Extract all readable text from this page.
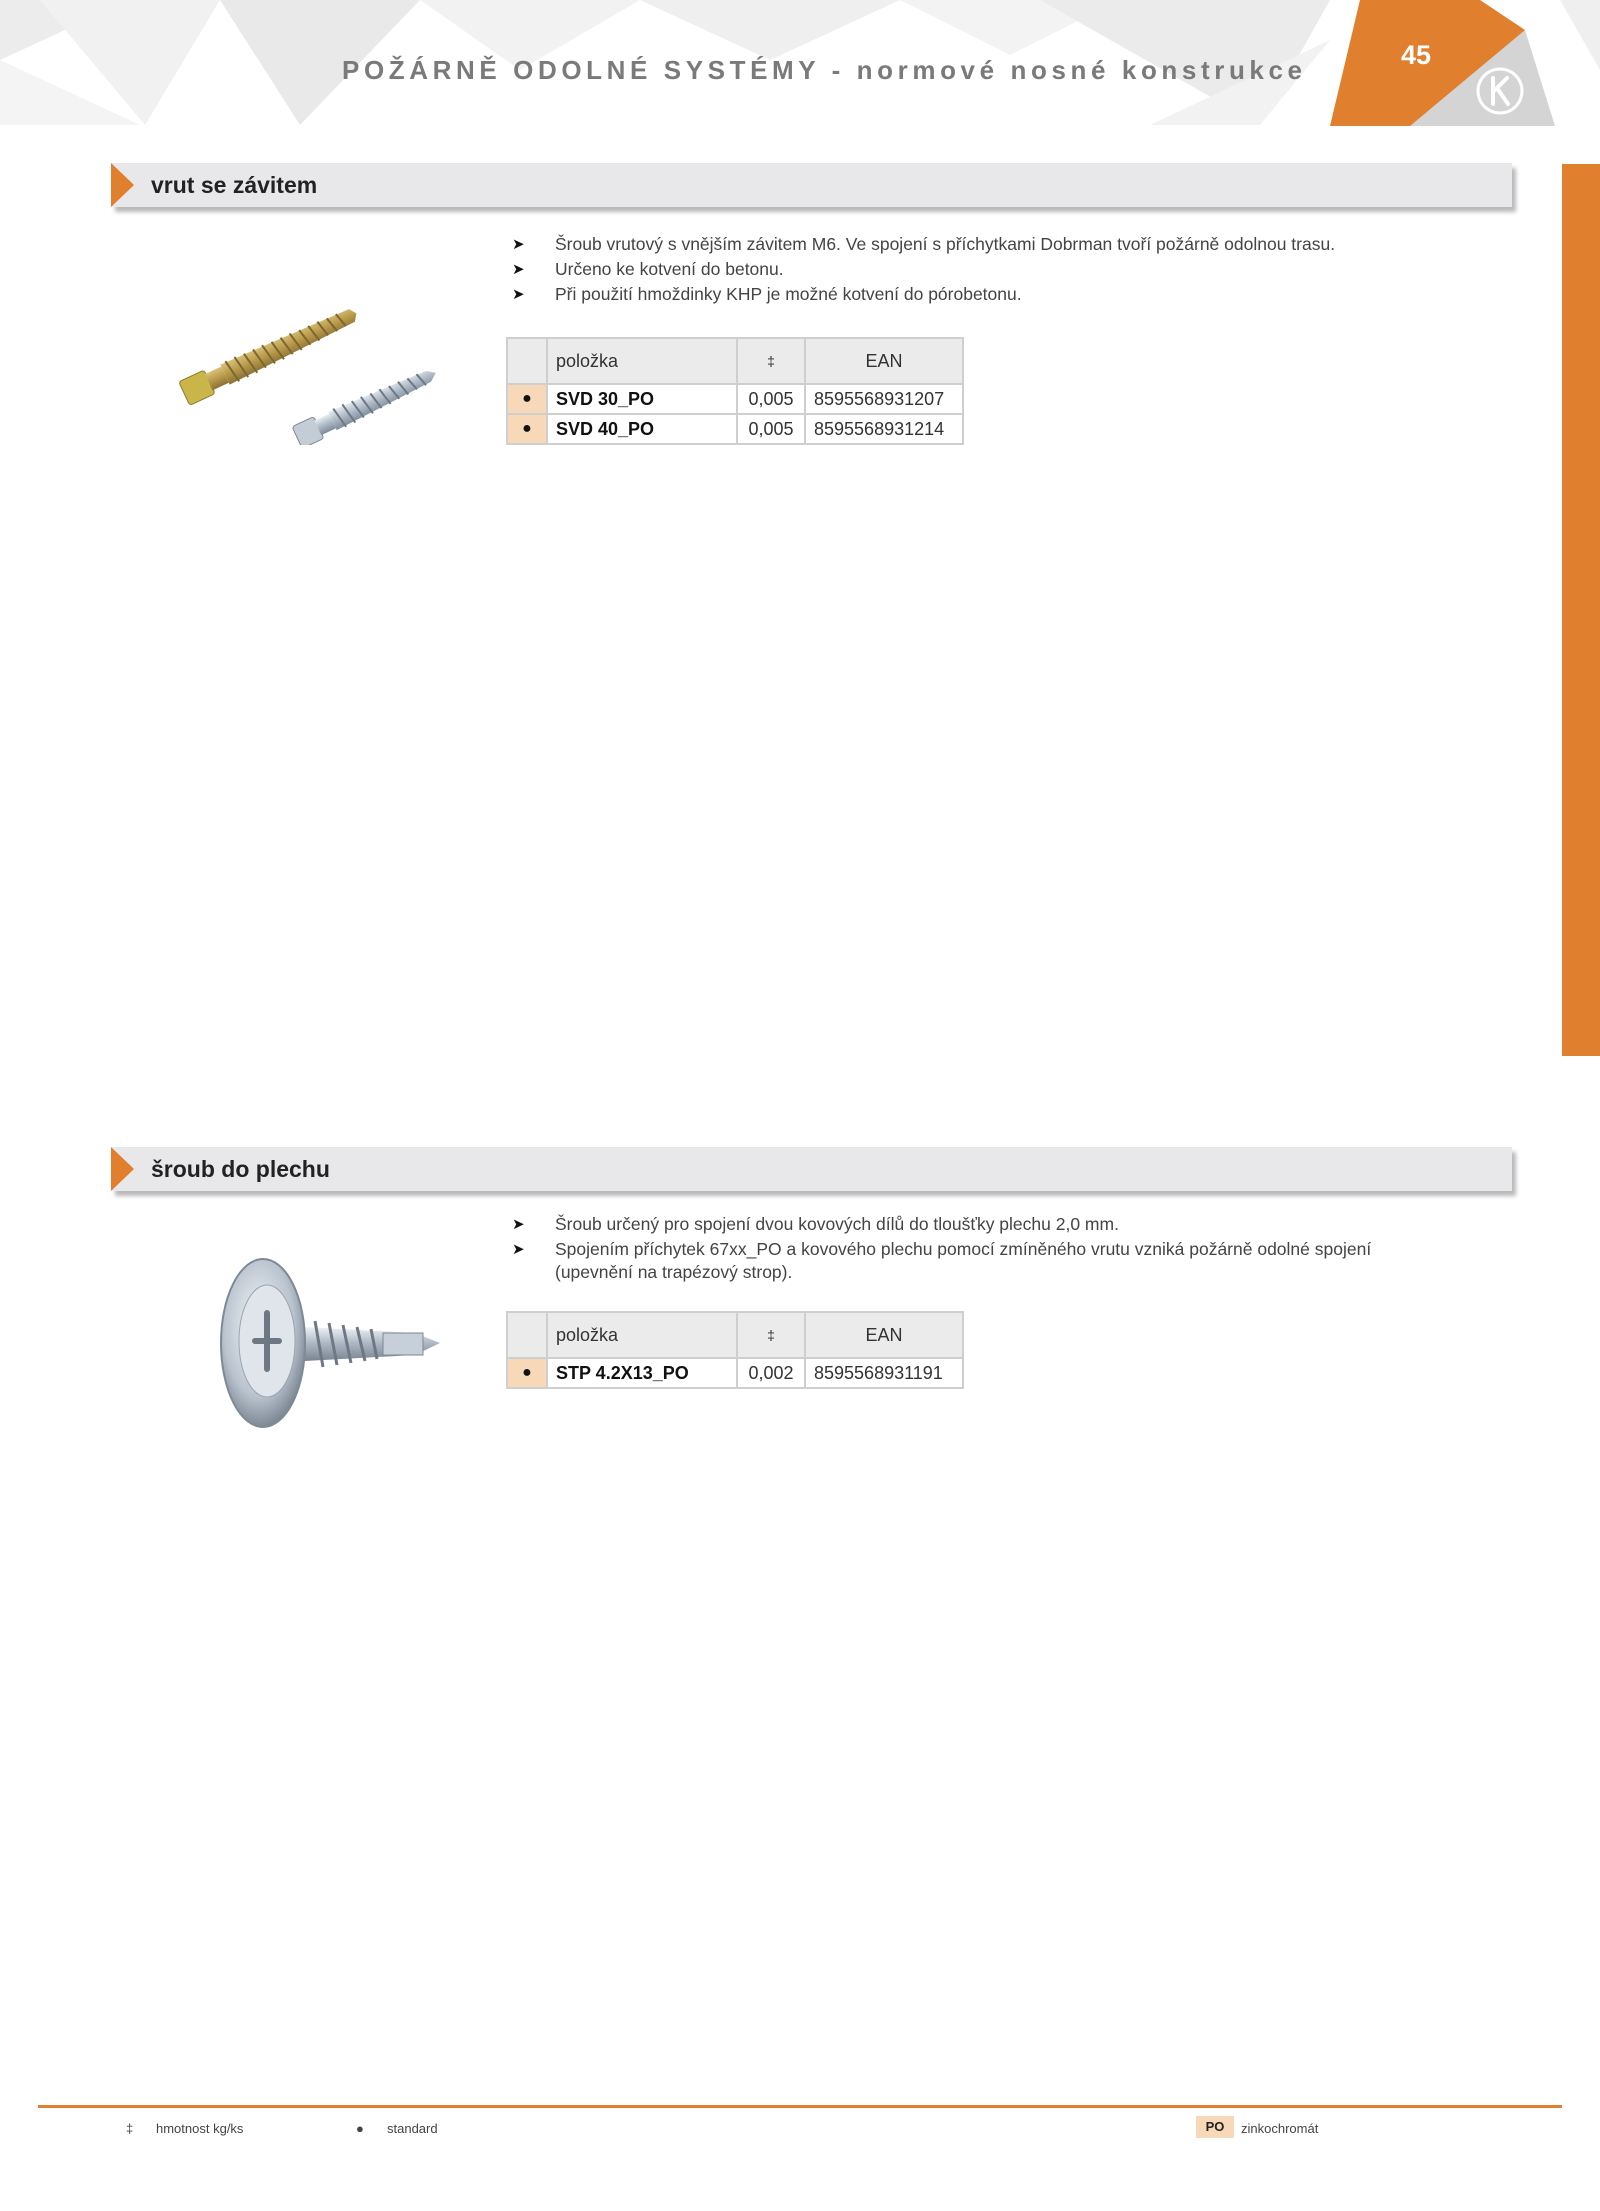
POŽÁRNĚ ODOLNÉ SYSTÉMY - normové nosné konstrukce	45
vrut se závitem
➤ Šroub vrutový s vnějším závitem M6. Ve spojení s příchytkami Dobrman tvoří požárně odolnou trasu.
➤ Určeno ke kotvení do betonu.
➤ Při použití hmoždinky KHP je možné kotvení do pórobetonu.
	položka	‡	EAN
●	SVD 30_PO	0,005	8595568931207
●	SVD 40_PO	0,005	8595568931214
šroub do plechu
➤ Šroub určený pro spojení dvou kovových dílů do tloušťky plechu 2,0 mm.
➤ Spojením příchytek 67xx_PO a kovového plechu pomocí zmíněného vrutu vzniká požárně odolné spojení (upevnění na trapézový strop).
	položka	‡	EAN
●	STP 4.2X13_PO	0,002	8595568931191
‡ hmotnost kg/ks	● standard	PO	zinkochromát
